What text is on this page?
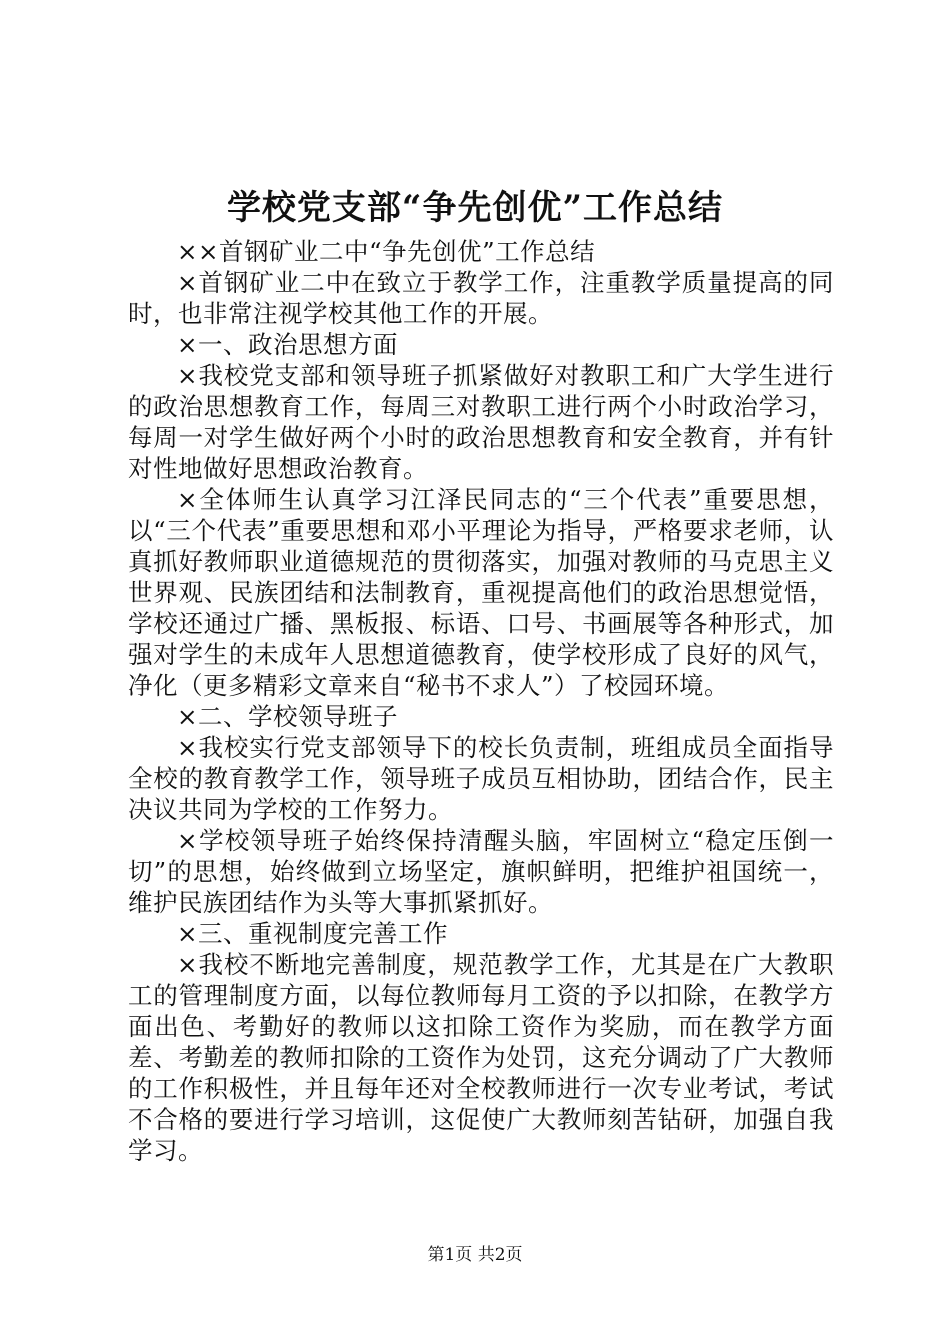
学校党支部“争先创优”工作总结

××首钢矿业二中“争先创优”工作总结

×首钢矿业二中在致立于教学工作，注重教学质量提高的同时，也非常注视学校其他工作的开展。

×一、政治思想方面

×我校党支部和领导班子抓紧做好对教职工和广大学生进行的政治思想教育工作，每周三对教职工进行两个小时政治学习，每周一对学生做好两个小时的政治思想教育和安全教育，并有针对性地做好思想政治教育。

×全体师生认真学习江泽民同志的“三个代表”重要思想，以“三个代表”重要思想和邓小平理论为指导，严格要求老师，认真抓好教师职业道德规范的贯彻落实，加强对教师的马克思主义世界观、民族团结和法制教育，重视提高他们的政治思想觉悟，学校还通过广播、黑板报、标语、口号、书画展等各种形式，加强对学生的未成年人思想道德教育，使学校形成了良好的风气，净化（更多精彩文章来自“秘书不求人”）了校园环境。

×二、学校领导班子

×我校实行党支部领导下的校长负责制，班组成员全面指导全校的教育教学工作，领导班子成员互相协助，团结合作，民主决议共同为学校的工作努力。

×学校领导班子始终保持清醒头脑，牢固树立“稳定压倒一切”的思想，始终做到立场坚定，旗帜鲜明，把维护祖国统一，维护民族团结作为头等大事抓紧抓好。

×三、重视制度完善工作

×我校不断地完善制度，规范教学工作，尤其是在广大教职工的管理制度方面，以每位教师每月工资的予以扣除，在教学方面出色、考勤好的教师以这扣除工资作为奖励，而在教学方面差、考勤差的教师扣除的工资作为处罚，这充分调动了广大教师的工作积极性，并且每年还对全校教师进行一次专业考试，考试不合格的要进行学习培训，这促使广大教师刻苦钻研，加强自我学习。

第1页 共2页
